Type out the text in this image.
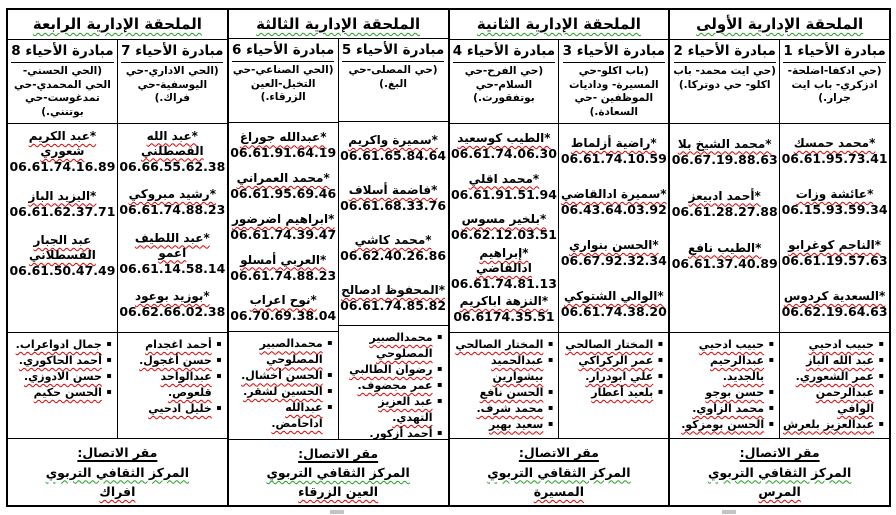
الملحقة الإدارية الأولى
مبادرة الأحياء 1
(حي ادكفا-اضلحة- ادزكري- باب ايت جرار.)
*محمد حمسك
06.61.95.73.41
*عائشة وزات
06.15.93.59.34
*الناجم كوغرابو
06.61.19.57.63
*السعدية كردوس
06.62.19.64.63
▪ حبيب ادحيي
▪ عبد الله الباز
▪ عمر الشعوري.
▪ عبدالرحمن الوافي
▪ عبدالعزيز بلعرش
مبادرة الأحياء 2
(حي ايت محمد- باب اكلو- حي دوتركا.)
*محمد الشيخ بلا
06.67.19.88.63
*أحمد ادبيعز
06.61.28.27.88
*الطيب نافع
06.61.37.40.89
▪ حبيب ادحيي
▪ عبدالرحيم بالجديد.
▪ حسن بوجو
▪ محمد الزاوي.
▪ الحسن بومزكو.
مقر الاتصال:
المركز الثقافي التربوي
المرس
الملحقة الإدارية الثانية
مبادرة الأحياء 3
(باب اكلو-حي المسيرة- وداديات الموظفين -حي السعادة.)
*راضية أزلماط
06.61.74.10.59
*سميرة ادالقاضي
06.43.64.03.92
*الحسن بنواري
06.67.92.32.34
*الوالي الشتوكي
06.61.74.38.20
▪ المختار الصالحي
▪ عمر الركراكي
▪ علي ابودرار.
▪ بلعيد أعطار
مبادرة الأحياء 4
(حي الفرح-حي السلام-حي بوتفقورت.)
*الطيب كوسعيد
06.61.74.06.30
*محمد اقلي
06.61.91.51.94
*بلخير مسوس
06.62.12.03.51
*إبراهيم ادالقاضي
06.61.74.81.13
*النزهة اباكريم
06.6174.35.51
▪ المختار الصالحي
▪ عبدالحميد بيشوارين
▪ الحسن نافع
▪ محمد شرف.
▪ سعيد بهير
مقر الاتصال:
المركز الثقافي التربوي
المسيرة
الملحقة الإدارية الثالثة
مبادرة الأحياء 5
(حي المصلى-حي البغ.)
*سميرة واكريم
06.61.65.84.64
*فاضمة أسلاف
06.61.68.33.76
*محمد كاشي
06.62.40.26.86
*المحفوظ ادصالح
06.61.74.85.82
▪ محمدالصبير المصلوحي
▪ رضوان الطالبي
▪ عمر مجضوف.
▪ عبد العزيز التهدي.
▪ أحمد أزكور.
مبادرة الأحياء 6
(الحي الصناعي-حي التخيل-العين الزرقاء.)
*عبدالله جوراغ
06.61.91.64.19
*محمد العمراني
06.61.95.69.46
*ابراهيم اضرضور
06.61.74.39.47
*العربي أمسلو
06.61.74.88.23
*نوح اعراب
06.70.69.38.04
▪ محمدالصبير المصلوحي
▪ الحسن أخشال.
▪ الحسين لشقر.
▪ عبدالله اداحامض.
مقر الاتصال:
المركز الثقافي التربوي
العين الزرقاء
الملحقة الإدارية الرابعة
مبادرة الأحياء 7
(الحي الاداري-حي اليوسفية-حي فراك.)
*عبد الله القصطلني
06.66.55.62.38
*رشيد مبروكي
06.61.74.88.23
*عبد اللطيف اعمو
06.61.14.58.14
*بوزيد بوعود
06.62.66.02.38
▪ أحمد اغجدام
▪ حسن أغجول.
▪ عبدالواحد قلعوص.
▪ خليل ادحيي
مبادرة الأحياء 8
(الحي الحسني-الحي المحمدي-حي تمدغوست-حي بوتنني.)
*عبد الكريم شعوري
06.61.74.16.89
*اليزيد الباز
06.61.62.37.71
عبد الجبار القسطلاني
06.61.50.47.49
▪ جمال ادواعراب.
▪ أحمد الحاكوري.
▪ حسن الادوزي.
▪ الحسن حكيم
مقر الاتصال:
المركز الثقافي التربوي
افراك
